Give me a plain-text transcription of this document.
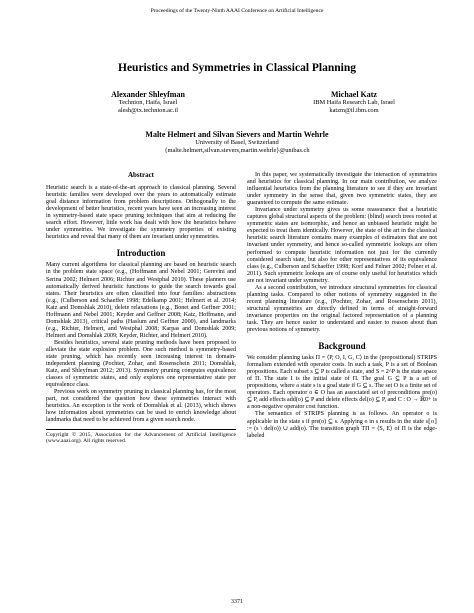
Proceedings of the Twenty-Ninth AAAI Conference on Artificial Intelligence
Heuristics and Symmetries in Classical Planning
Alexander Shleyfman
Technion, Haifa, Israel
alesh@tx.technion.ac.il
Michael Katz
IBM Haifa Research Lab, Israel
katzm@il.ibm.com
Malte Helmert and Silvan Sievers and Martin Wehrle
University of Basel, Switzerland
{malte.helmert,silvan.sievers,martin.wehrle}@unibas.ch
Abstract

Heuristic search is a state-of-the-art approach to classical planning. Several heuristic families were developed over the years to automatically estimate goal distance information from problem descriptions. Orthogonally to the development of better heuristics, recent years have seen an increasing interest in symmetry-based state space pruning techniques that aim at reducing the search effort. However, little work has dealt with how the heuristics behave under symmetries. We investigate the symmetry properties of existing heuristics and reveal that many of them are invariant under symmetries.

Introduction

Many current algorithms for classical planning are based on heuristic search in the problem state space (e.g., (Hoffmann and Nebel 2001; Gerevini and Serina 2002; Helmert 2006; Richter and Westphal 2010). These planners use automatically derived heuristic functions to guide the search towards goal states. Their heuristics are often classified into four families: abstractions (e.g., (Culberson and Schaeffer 1998; Edelkamp 2001; Helmert et al. 2014; Katz and Domshlak 2010), delete relaxations (e.g., Bonet and Geffner 2001; Hoffmann and Nebel 2001; Keyder and Geffner 2008; Katz, Hoffmann, and Domshlak 2013), critical paths (Haslum and Geffner 2000), and landmarks (e.g., Richter, Helmert, and Westphal 2008; Karpas and Domshlak 2009; Helmert and Domshlak 2009; Keyder, Richter, and Helmert 2010).

Besides heuristics, several state pruning methods have been proposed to alleviate the state explosion problem. One such method is symmetry-based state pruning, which has recently seen increasing interest in domain-independent planning (Pochter, Zohar, and Rosenschein 2011; Domshlak, Katz, and Shleyfman 2012; 2013). Symmetry pruning computes equivalence classes of symmetric states, and only explores one representative state per equivalence class.

Previous work on symmetry pruning in classical planning has, for the most part, not considered the question how these symmetries interact with heuristics. An exception is the work of Domshlak et al. (2013), which shows how information about symmetries can be used to enrich knowledge about landmarks that need to be achieved from a given search node.

Copyright © 2015, Association for the Advancement of Artificial Intelligence (www.aaai.org). All rights reserved.

In this paper, we systematically investigate the interaction of symmetries and heuristics for classical planning. In our main contribution, we analyze influential heuristics from the planning literature to see if they are invariant under symmetry in the sense that, given two symmetric states, they are guaranteed to compute the same estimate.

Invariance under symmetry gives us some reassurance that a heuristic captures global structural aspects of the problem: (blind) search trees rooted at symmetric states are isomorphic, and hence an unbiased heuristic might be expected to treat them identically. However, the state of the art in the classical heuristic search literature contains many examples of estimators that are not invariant under symmetry, and hence so-called symmetric lookups are often performed to compute heuristic information not just for the currently considered search state, but also for other representatives of its equivalence class (e.g., Culberson and Schaeffer 1998; Korf and Felner 2002; Felner et al. 2011). Such symmetric lookups are of course only useful for heuristics which are not invariant under symmetry.

As a second contribution, we introduce structural symmetries for classical planning tasks. Compared to other notions of symmetry suggested in the recent planning literature (e.g., (Pochter, Zohar, and Rosenschein 2011), structural symmetries are directly defined in terms of straight-forward invariance properties on the original factored representation of a planning task. They are hence easier to understand and easier to reason about than previous notions of symmetry.

Background

We consider planning tasks Π = ⟨P, O, I, G, C⟩ in the (propositional) STRIPS formalism extended with operator costs. In such a task, P is a set of Boolean propositions. Each subset s ⊆ P is called a state, and S = 2^P is the state space of Π. The state I is the initial state of Π. The goal G ⊆ P is a set of propositions, where a state s is a goal state if G ⊆ s. The set O is a finite set of operators. Each operator o ∈ O has an associated set of preconditions pre(o) ⊆ P, add effects add(o) ⊆ P and delete effects del(o) ⊆ P, and C : O → ℝ0+ is a non-negative operator cost function.

The semantics of STRIPS planning is as follows. An operator o is applicable in the state s if pre(o) ⊆ s. Applying o in s results in the state s⟦o⟧ := (s \ del(o)) ∪ add(o). The transition graph TΠ = ⟨S, E⟩ of Π is the edge-labeled

3371
